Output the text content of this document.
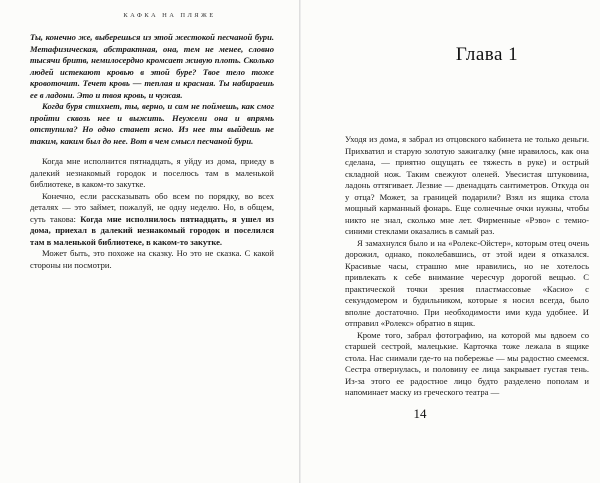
КАФКА НА ПЛЯЖЕ

Ты, конечно же, выберешься из этой жестокой песчаной бури. Метафизическая, абстрактная, она, тем не менее, словно тысячи бритв, немилосердно кромсает живую плоть. Сколько людей истекают кровью в этой буре? Твое тело тоже кровоточит. Течет кровь — теплая и красная. Ты набираешь ее в ладони. Это и твоя кровь, и чужая.

Когда буря стихнет, ты, верно, и сам не поймешь, как смог пройти сквозь нее и выжить. Неужели она и впрямь отступила? Но одно станет ясно. Из нее ты выйдешь не таким, каким был до нее. Вот в чем смысл песчаной бури.

Когда мне исполнится пятнадцать, я уйду из дома, приеду в далекий незнакомый городок и поселюсь там в маленькой библиотеке, в каком-то закутке.

Конечно, если рассказывать обо всем по порядку, во всех деталях — это займет, пожалуй, не одну неделю. Но, в общем, суть такова: Когда мне исполнилось пятнадцать, я ушел из дома, приехал в далекий незнакомый городок и поселился там в маленькой библиотеке, в каком-то закутке.

Может быть, это похоже на сказку. Но это не сказка. С какой стороны ни посмотри.

Глава 1

Уходя из дома, я забрал из отцовского кабинета не только деньги. Прихватил и старую золотую зажигалку (мне нравилось, как она сделана, — приятно ощущать ее тяжесть в руке) и острый складной нож. Таким свежуют оленей. Увесистая штуковина, ладонь оттягивает. Лезвие — двенадцать сантиметров. Откуда он у отца? Может, за границей подарили? Взял из ящика стола мощный карманный фонарь. Еще солнечные очки нужны, чтобы никто не знал, сколько мне лет. Фирменные «Рэво» с темно-синими стеклами оказались в самый раз.

Я замахнулся было и на «Ролекс-Ойстер», которым отец очень дорожил, однако, поколебавшись, от этой идеи я отказался. Красивые часы, страшно мне нравились, но не хотелось привлекать к себе внимание чересчур дорогой вещью. С практической точки зрения пластмассовые «Касио» с секундомером и будильником, которые я носил всегда, было вполне достаточно. При необходимости ими куда удобнее. И отправил «Ролекс» обратно в ящик.

Кроме того, забрал фотографию, на которой мы вдвоем со старшей сестрой, малецькие. Карточка тоже лежала в ящике стола. Нас снимали где-то на побережье — мы радостно смеемся. Сестра отвернулась, и половину ее лица закрывает густая тень. Из-за этого ее радостное лицо будто разделено пополам и напоминает маску из греческого театра —

14
